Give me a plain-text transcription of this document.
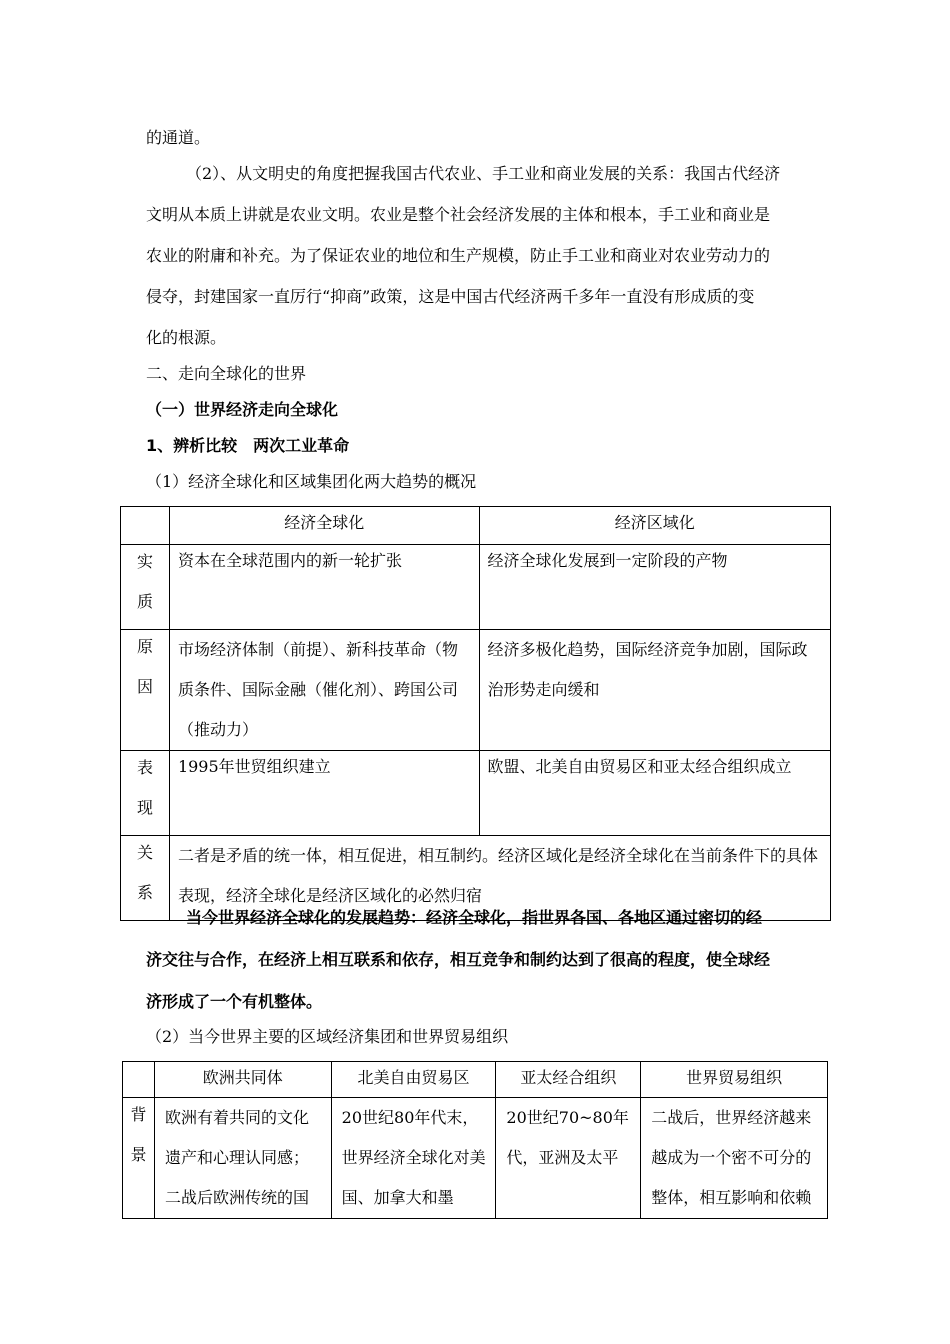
的通道。
（2）、从文明史的角度把握我国古代农业、手工业和商业发展的关系：我国古代经济
文明从本质上讲就是农业文明。农业是整个社会经济发展的主体和根本，手工业和商业是
农业的附庸和补充。为了保证农业的地位和生产规模，防止手工业和商业对农业劳动力的
侵夺，封建国家一直厉行“抑商”政策，这是中国古代经济两千多年一直没有形成质的变
化的根源。
二、走向全球化的世界
（一）世界经济走向全球化
1、辨析比较　两次工业革命
（1）经济全球化和区域集团化两大趋势的概况
	经济全球化	经济区域化

实
质	资本在全球范围内的新一轮扩张	经济全球化发展到一定阶段的产物

原
因	市场经济体制（前提）、新科技革命（物质条件、国际金融（催化剂）、跨国公司（推动力）	经济多极化趋势，国际经济竞争加剧，国际政治形势走向缓和

表
现	1995年世贸组织建立	欧盟、北美自由贸易区和亚太经合组织成立

关
系	二者是矛盾的统一体，相互促进，相互制约。经济区域化是经济全球化在当前条件下的具体表现，经济全球化是经济区域化的必然归宿	
当今世界经济全球化的发展趋势：经济全球化，指世界各国、各地区通过密切的经
济交往与合作，在经济上相互联系和依存，相互竞争和制约达到了很高的程度，使全球经
济形成了一个有机整体。
（2）当今世界主要的区域经济集团和世界贸易组织
	欧洲共同体	北美自由贸易区	亚太经合组织	世界贸易组织

背
景	欧洲有着共同的文化遗产和心理认同感；二战后欧洲传统的国	20世纪80年代末，世界经济全球化对美国、加拿大和墨	20世纪70~80年代，亚洲及太平	二战后，世界经济越来越成为一个密不可分的整体，相互影响和依赖
